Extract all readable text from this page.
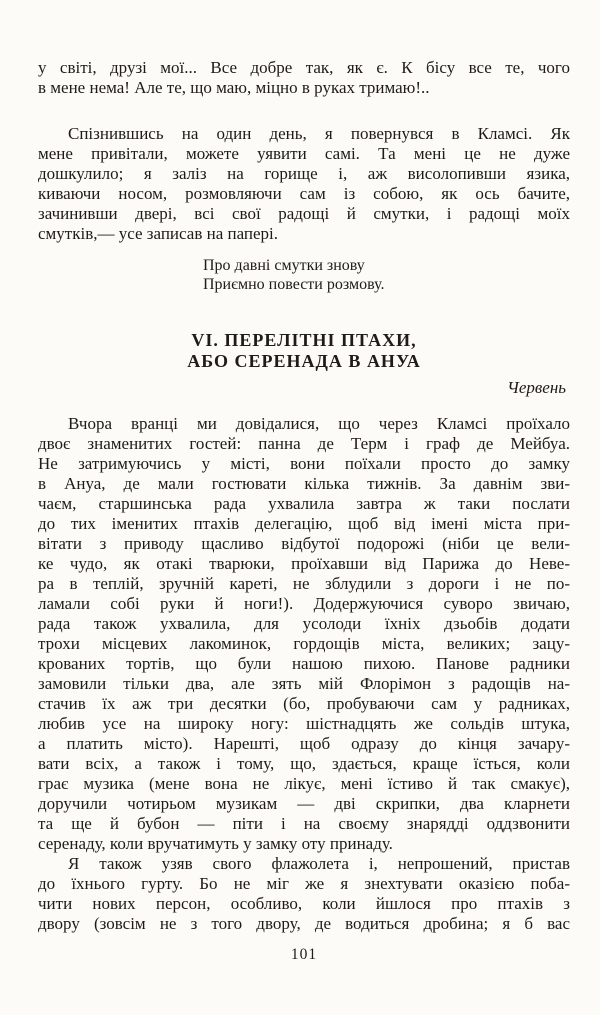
у світі, друзі мої... Все добре так, як є. К бісу все те, чого
в мене нема! Але те, що маю, міцно в руках тримаю!..
Спізнившись на один день, я повернувся в Кламсі. Як
мене привітали, можете уявити самі. Та мені це не дуже
дошкулило; я заліз на горище і, аж висолопивши язика,
киваючи носом, розмовляючи сам із собою, як ось бачите,
зачинивши двері, всі свої радощі й смутки, і радощі моїх
смутків,— усе записав на папері.
Про давні смутки знову
Приємно повести розмову.
VI. ПЕРЕЛІТНІ ПТАХИ,
АБО СЕРЕНАДА В АНУА
Червень
Вчора вранці ми довідалися, що через Кламсі проїхало
двоє знаменитих гостей: панна де Терм і граф де Мейбуа.
Не затримуючись у місті, вони поїхали просто до замку
в Ануа, де мали гостювати кілька тижнів. За давнім зви-
чаєм, старшинська рада ухвалила завтра ж таки послати
до тих іменитих птахів делегацію, щоб від імені міста при-
вітати з приводу щасливо відбутої подорожі (ніби це вели-
ке чудо, як отакі тварюки, проїхавши від Парижа до Неве-
ра в теплій, зручній кареті, не зблудили з дороги і не по-
ламали собі руки й ноги!). Додержуючися суворо звичаю,
рада також ухвалила, для усолоди їхніх дзьобів додати
трохи місцевих лакоминок, гордощів міста, великих; зацу-
крованих тортів, що були нашою пихою. Панове радники
замовили тільки два, але зять мій Флорімон з радощів на-
стачив їх аж три десятки (бо, пробуваючи сам у радниках,
любив усе на широку ногу: шістнадцять же сольдів штука,
а платить місто). Нарешті, щоб одразу до кінця зачару-
вати всіх, а також і тому, що, здається, краще їсться, коли
грає музика (мене вона не лікує, мені їстиво й так смакує),
доручили чотирьом музикам — дві скрипки, два кларнети
та ще й бубон — піти і на своєму знарядді оддзвонити
серенаду, коли вручатимуть у замку оту принаду.
Я також узяв свого флажолета і, непрошений, пристав
до їхнього гурту. Бо не міг же я знехтувати оказією поба-
чити нових персон, особливо, коли йшлося про птахів з
двору (зовсім не з того двору, де водиться дробина; я б вас
101
